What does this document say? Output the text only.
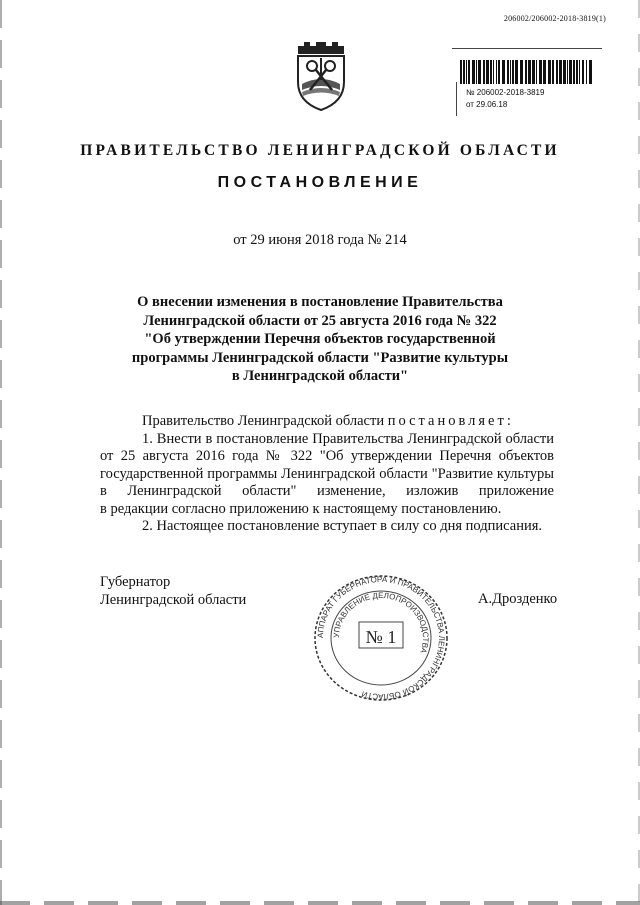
206002/206002-2018-3819(1)
№ 206002-2018-3819
от 29.06.18
ПРАВИТЕЛЬСТВО ЛЕНИНГРАДСКОЙ ОБЛАСТИ
ПОСТАНОВЛЕНИЕ
от 29 июня 2018 года № 214
О внесении изменения в постановление Правительства
Ленинградской области от 25 августа 2016 года № 322
"Об утверждении Перечня объектов государственной
программы Ленинградской области "Развитие культуры
в Ленинградской области"

Правительство Ленинградской области постановляет:

1. Внести в постановление Правительства Ленинградской области

от 25 августа 2016 года № 322 "Об утверждении Перечня объектов

государственной программы Ленинградской области "Развитие культуры

в Ленинградской области" изменение, изложив приложение

в редакции согласно приложению к настоящему постановлению.

2. Настоящее постановление вступает в силу со дня подписания.

Губернатор
Ленинградской области
АППАРАТ ГУБЕРНАТОРА И ПРАВИТЕЛЬСТВА ЛЕНИНГРАДСКОЙ ОБЛАСТИ
УПРАВЛЕНИЕ ДЕЛОПРОИЗВОДСТВА
№ 1
А.Дрозденко
